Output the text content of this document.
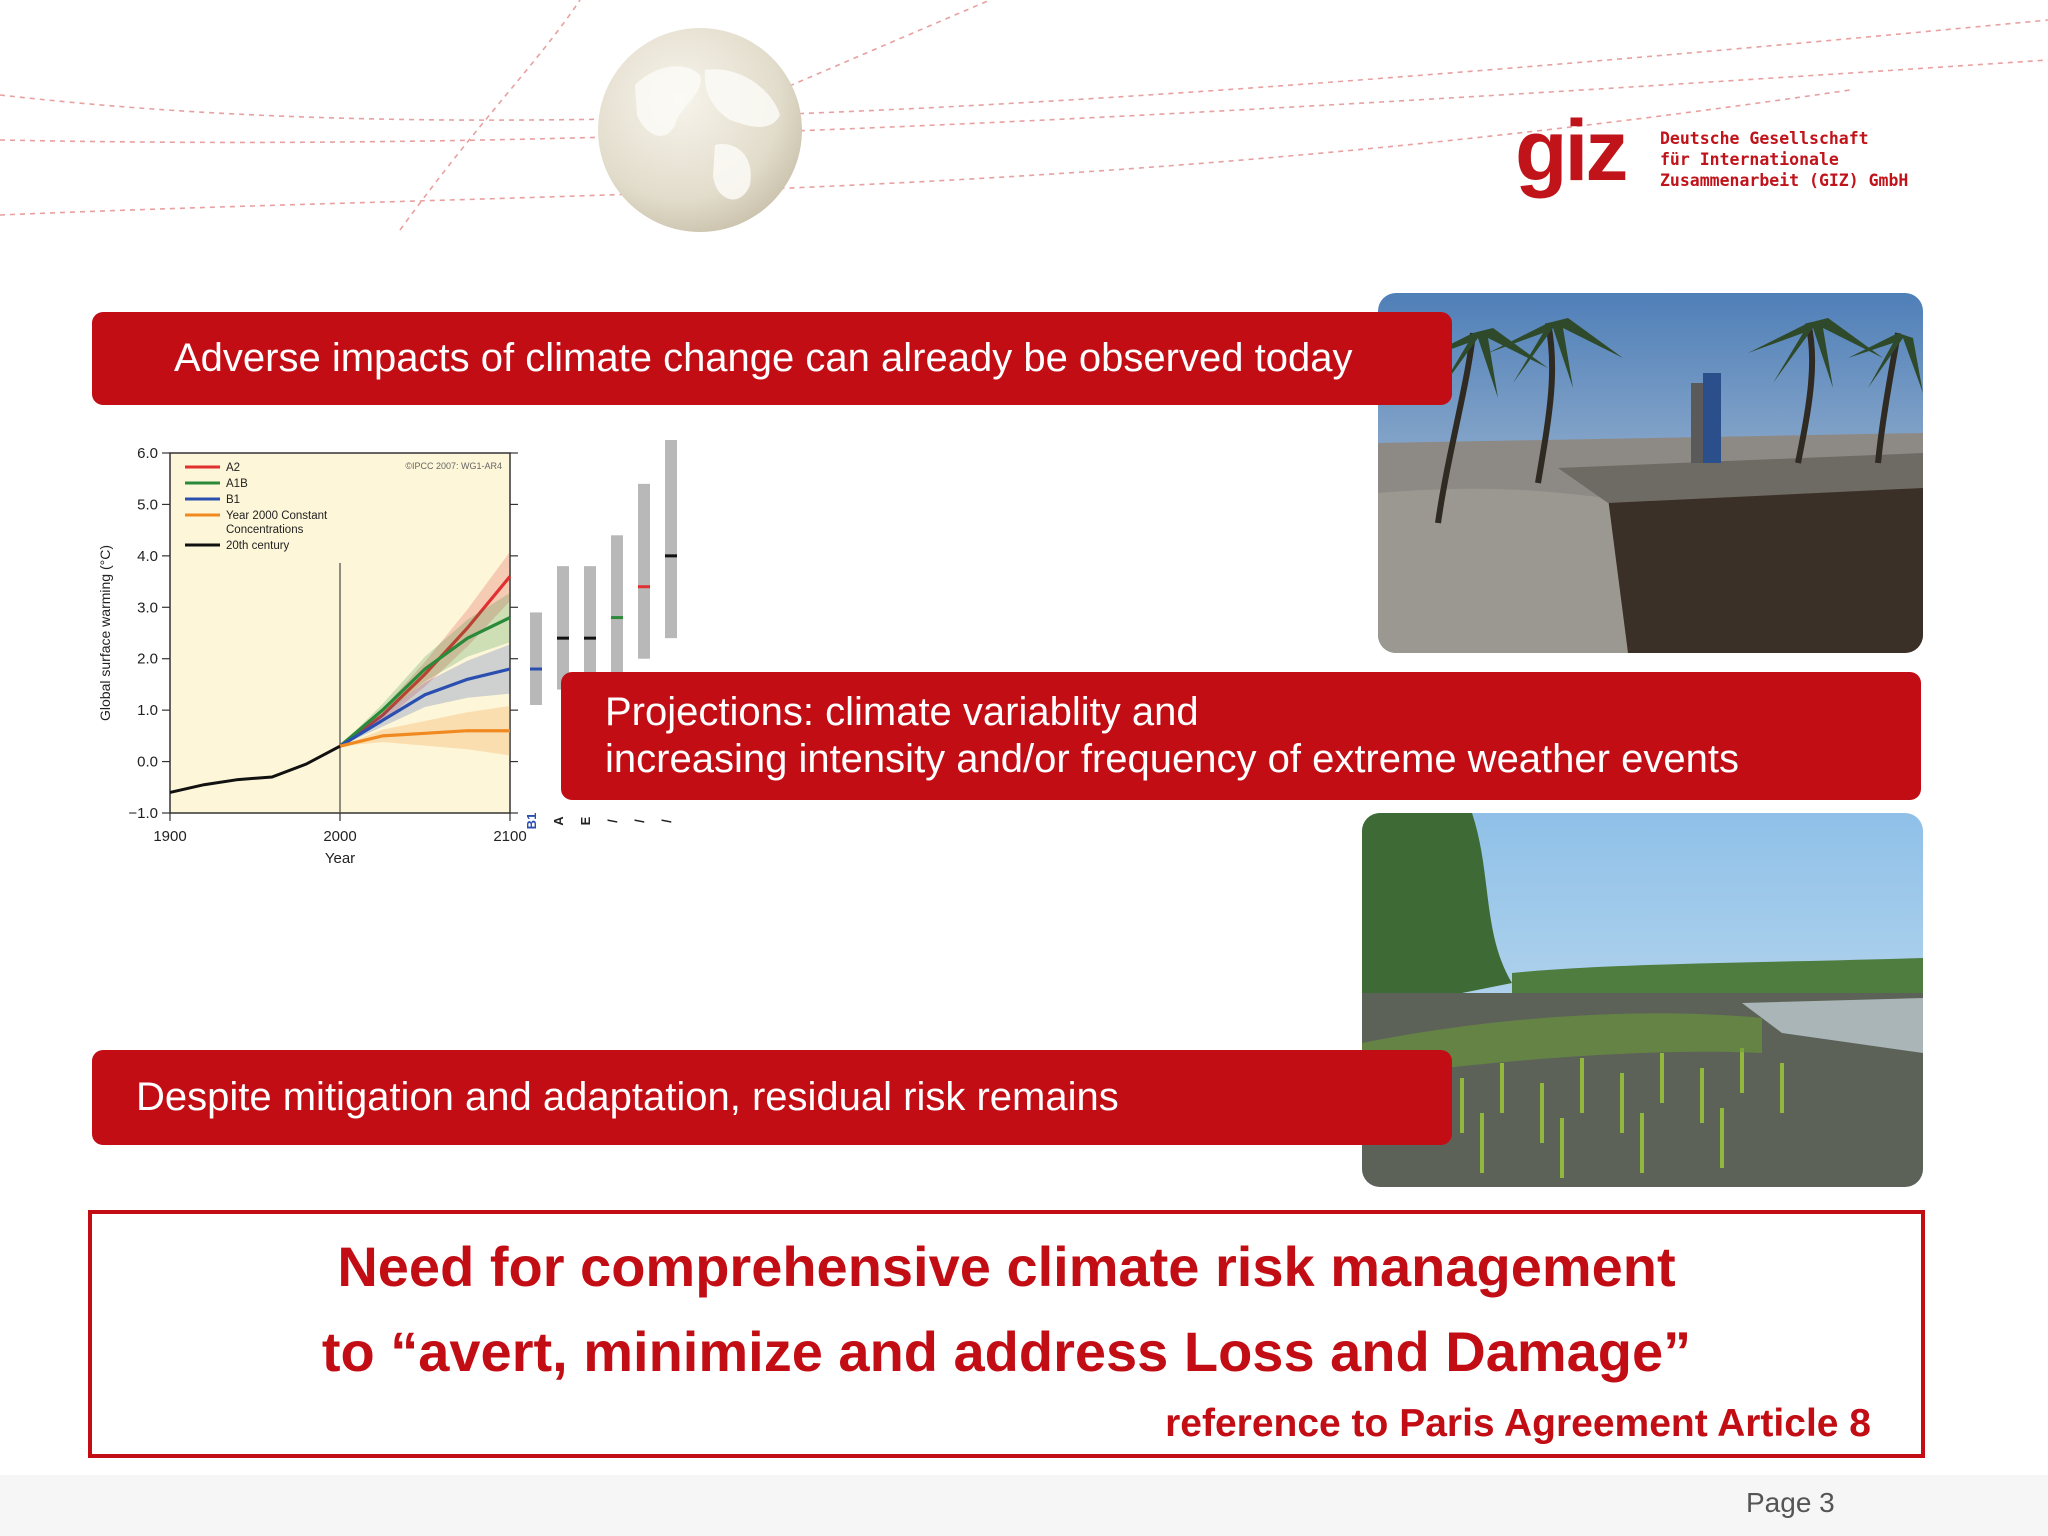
giz Deutsche Gesellschaft
für Internationale
Zusammenarbeit (GIZ) GmbH
B1 A E / / /
A2
A1B
B1
Year 2000 Constant
Concentrations
20th century
−1.0
0.0
1.0
2.0
3.0
4.0
5.0
6.0
1900	2000	2100
Year
Global surface warming (°C)
©IPCC 2007: WG1-AR4
Adverse impacts of climate change can already be observed today
Projections: climate variablity and
increasing intensity and/or frequency of extreme weather events
Despite mitigation and adaptation, residual risk remains
Need for comprehensive climate risk management
to “avert, minimize and address Loss and Damage”
reference to Paris Agreement Article 8
Page 3
